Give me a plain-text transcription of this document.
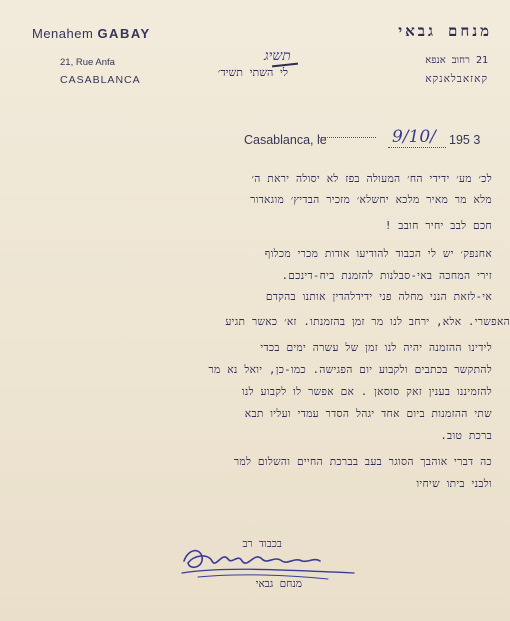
Menahem GABAY
21, Rue Anfa
CASABLANCA
מנחם גבאי
21 רחוב אנפא
קאזאבלאנקא
לי השתי תשיד׳
תשיג
Casablanca, le	9/10/ 195 3
לכ׳ מע׳ ידידי הח׳ המעולה בפז לא יסולה יראת ה׳
מלא מר מאיר מלכא יחשלא׳ מזכיר הבדיץ׳ מוגאדור
חכם לבב יחיר חובב !
אחנפק׳ יש לי הכבוד להודיעו אודות מכרי מכלוף
זירי המחכה באי-סבלנות להזמנת ביח-דינכם.
אי-לזאת הנני מחלה פני ידידלהדין אותנו בהקדם
האפשרי. אלא, ירחב לנו מר זמן בהזמנתו. זא׳ כאשר תגיע
לידינו ההזמנה יהיה לנו זמן של עשרה ימים בכדי
להתקשר בכתבים ולקבוע יום הפגישה. כמו-כן, יואל נא מר
להזמיננו בענין זאק סוסאן . אם אפשר לו לקבוע לנו
שתי ההזמנות ביום אחד יגהל הסדר עמדי ועליו תבא
ברכת טוב.
כה דברי אוהבך הסוגר בעב בברכת החיים והשלום למר
ולבני ביתו שיחיו
בכבוד רב
מנחם גבאי
